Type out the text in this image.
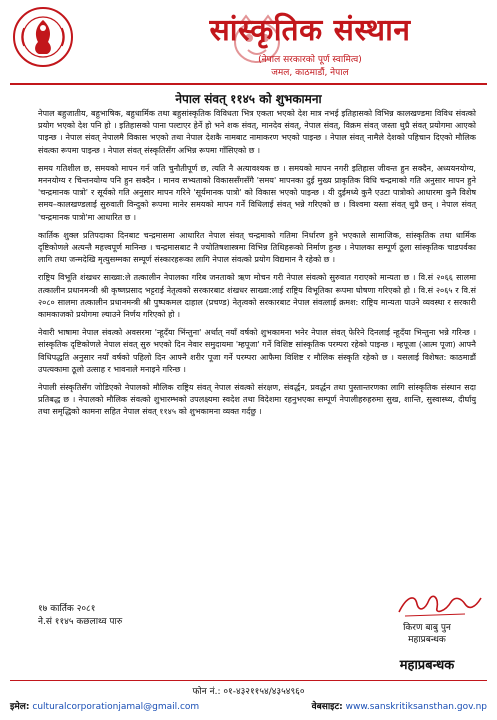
सांस्कृतिक संस्थान
(नेपाल सरकारको पूर्ण स्वामित्व)
जमल, काठमाडौं, नेपाल
नेपाल संवत् ११४५ को शुभकामना

नेपाल बहुजातीय, बहुभाषिक, बहुधार्मिक तथा बहुसांस्कृतिक विविधता भित्र एकता भएको देश मात्र नभई इतिहासको विभिन्न कालखण्डमा विविध संवत्को प्रयोग भएको देश पनि हो । इतिहासको पाना पल्टाएर हेर्ने हो भने शक संवत्, मानदेव संवत्, नेपाल संवत्, विक्रम संवत् जस्ता थुप्रै संवत् प्रयोगमा आएको पाइन्छ । नेपाल संवत् नेपालमै विकास भएको तथा नेपाल देशकै नामबाट नामाकरण भएको पाइन्छ । नेपाल संवत् नामैले देशको पहिचान दिएको मौलिक संवत्का रूपमा पाइन्छ । नेपाल संवत् संस्कृतिसँग अभिन्न रूपमा गाँसिएको छ ।

समय गतिशील छ, समयको मापन गर्न जति चुनौतीपूर्ण छ, त्यति नै अत्यावश्यक छ । समयको मापन नगरी इतिहास जीवन्त हुन सक्दैन, अध्ययनयोग्य, मननयोग्य र चिन्तनयोग्य पनि हुन सक्दैन । मानव सभ्यताको विकाससँगसँगै 'समय' मापनका दुई मुख्य प्राकृतिक विधि चन्द्रमाको गति अनुसार मापन हुने 'चन्द्रमानक पात्रो' र सूर्यको गति अनुसार मापन गरिने 'सूर्यमानक पात्रो' को विकास भएको पाइन्छ । यी दुईमध्ये कुनै एउटा पात्रोको आधारमा कुनै विशेष समय–कालखण्डलाई सुरुवाती विन्दुको रूपमा मानेर समयको मापन गर्ने विधिलाई संवत् भन्ने गरिएको छ । विश्वमा यस्ता संवत् थुप्रै छन् । नेपाल संवत् 'चन्द्रमानक पात्रो'मा आधारित छ ।

कार्तिक शुक्ल प्रतिपदाका दिनबाट चन्द्रमासमा आधारित नेपाल संवत् चन्द्रमाको गतिमा निर्धारण हुने भएकाले सामाजिक, सांस्कृतिक तथा धार्मिक दृष्टिकोणले अत्यन्तै महत्त्वपूर्ण मानिन्छ । चन्द्रमासबाट नै ज्योतिषशास्त्रमा विभिन्न तिथिहरूको निर्माण हुन्छ । नेपालका सम्पूर्ण ठूला सांस्कृतिक चाडपर्वका लागि तथा जन्मदेखि मृत्युसम्मका सम्पूर्ण संस्कारहरूका लागि नेपाल संवत्को प्रयोग विद्यमान नै रहेको छ ।

राष्ट्रिय विभूति शंखधर साख्वा:ले तत्कालीन नेपालका गरिब जनताको ऋण मोचन गरी नेपाल संवत्को सुरुवात गराएको मान्यता छ । वि.सं २०६६ सालमा तत्कालीन प्रधानमन्त्री श्री कृष्णप्रसाद भट्टराई नेतृत्वको सरकारबाट शंखधर साख्वा:लाई राष्ट्रिय विभूतिका रूपमा घोषणा गरिएको हो । वि.सं २०६५ र वि.सं २०८० सालमा तत्कालीन प्रधानमन्त्री श्री पुष्पकमल दाहाल (प्रचण्ड) नेतृत्वको सरकारबाट नेपाल संवत्लाई क्रमश: राष्ट्रिय मान्यता पाउने व्यवस्था र सरकारी कामकाजको प्रयोगमा ल्याउने निर्णय गरिएको हो ।

नेवारी भाषामा नेपाल संवत्को अवसरमा 'न्हूदँया भिंन्तुना' अर्थात् नयाँ वर्षको शुभकामना भनेर नेपाल संवत् फेरिने दिनलाई न्हूदँया भिन्तुना भन्ने गरिन्छ । सांस्कृतिक दृष्टिकोणले नेपाल संवत् सुरु भएको दिन नेवार समुदायमा 'म्हपूजा' गर्ने विशिष्ट सांस्कृतिक परम्परा रहेको पाइन्छ । म्हपूजा (आत्म पूजा) आफ्नै विधिपद्धति अनुसार नयाँ वर्षको पहिलो दिन आफ्नै शरीर पूजा गर्ने परम्परा आफैमा विशिष्ट र मौलिक संस्कृति रहेको छ । यसलाई विशेषत: काठमाडौं उपत्यकामा ठूलो उत्साह र भावनाले मनाइने गरिन्छ ।

नेपाली संस्कृतिसँग जोडिएको नेपालको मौलिक राष्ट्रिय संवत् नेपाल संवत्को संरक्षण, संवर्द्धन, प्रवर्द्धन तथा पुस्तान्तरणका लागि सांस्कृतिक संस्थान सदा प्रतिबद्ध छ । नेपालको मौलिक संवत्को शुभारम्भको उपलक्ष्यमा स्वदेश तथा विदेशमा रहनुभएका सम्पूर्ण नेपालीहरुहरुमा सुख, शान्ति, सुस्वास्थ्य, दीर्घायु तथा समृद्धिको कामना सहित नेपाल संवत् ११४५ को शुभकामना व्यक्त गर्दछु ।

१७ कार्तिक २०८१
ने.सं ११४५ कछलाथ्व पारु
किरण बाबु पुन
महाप्रबन्धक
महाप्रबन्धक
फोन नं.: ०१-४३२११५४/४३५४९६०
इमेल: culturalcorporationjamal@gmail.com	वेबसाइट: www.sanskritiksansthan.gov.np
